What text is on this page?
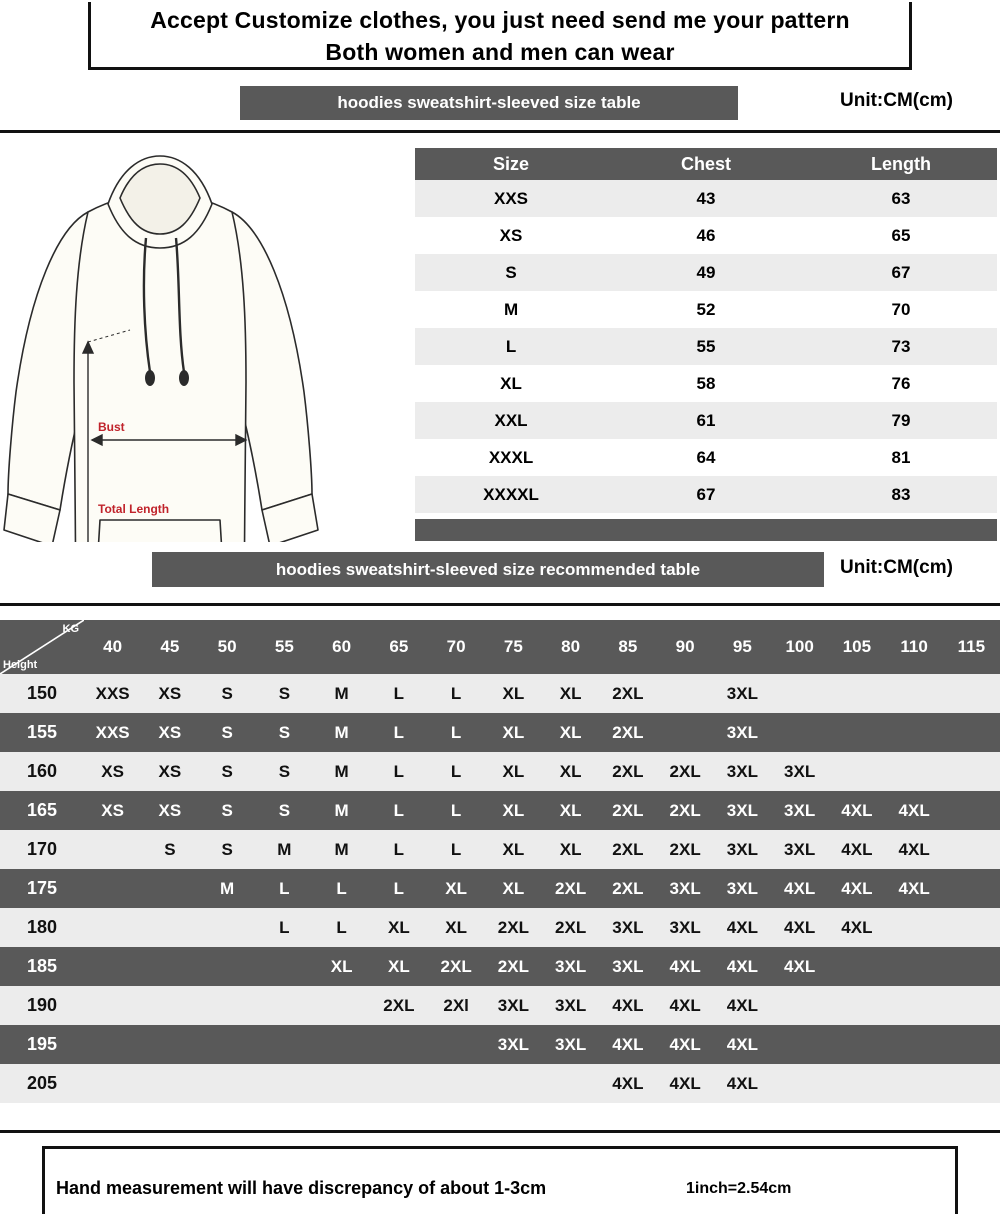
Accept Customize clothes, you just need send me your pattern
Both women and men can wear
hoodies sweatshirt-sleeved size table	Unit:CM(cm)
Bust
Total Length
Size	Chest	Length
XXS	43	63
XS	46	65
S	49	67
M	52	70
L	55	73
XL	58	76
XXL	61	79
XXXL	64	81
XXXXL	67	83
hoodies sweatshirt-sleeved size recommended table	Unit:CM(cm)
KG
Height	40	45	50	55	60	65	70	75	80	85	90	95	100	105	110	115
150	XXS	XS	S	S	M	L	L	XL	XL	2XL		3XL				
155	XXS	XS	S	S	M	L	L	XL	XL	2XL		3XL				
160	XS	XS	S	S	M	L	L	XL	XL	2XL	2XL	3XL	3XL			
165	XS	XS	S	S	M	L	L	XL	XL	2XL	2XL	3XL	3XL	4XL	4XL	
170		S	S	M	M	L	L	XL	XL	2XL	2XL	3XL	3XL	4XL	4XL	
175			M	L	L	L	XL	XL	2XL	2XL	3XL	3XL	4XL	4XL	4XL	
180				L	L	XL	XL	2XL	2XL	3XL	3XL	4XL	4XL	4XL		
185					XL	XL	2XL	2XL	3XL	3XL	4XL	4XL	4XL			
190						2XL	2Xl	3XL	3XL	4XL	4XL	4XL				
195								3XL	3XL	4XL	4XL	4XL				
205										4XL	4XL	4XL				
Hand measurement will have discrepancy of about 1-3cm	1inch=2.54cm
